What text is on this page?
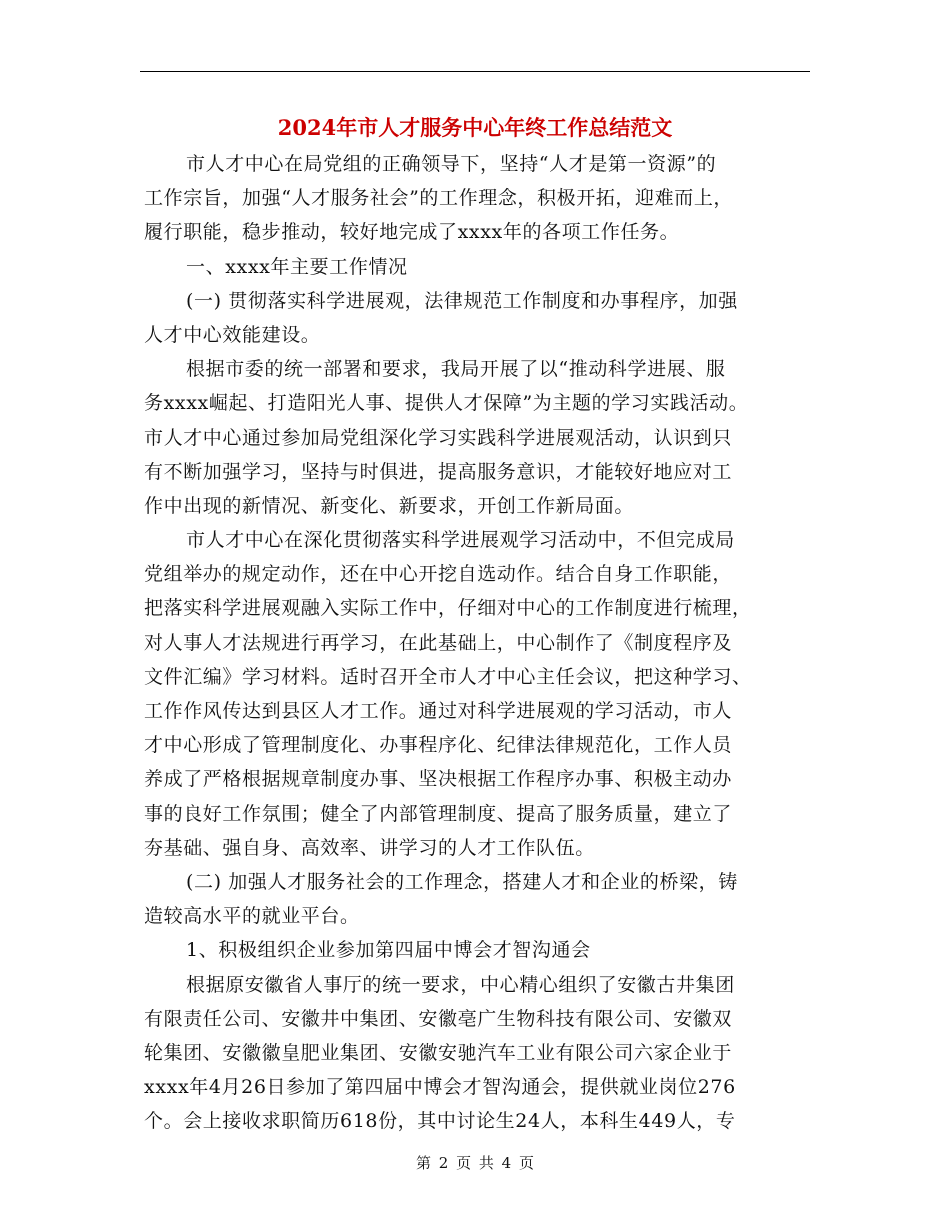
2024年市人才服务中心年终工作总结范文
市人才中心在局党组的正确领导下，坚持“人才是第一资源”的
工作宗旨，加强“人才服务社会”的工作理念，积极开拓，迎难而上，
履行职能，稳步推动，较好地完成了xxxx年的各项工作任务。
一、xxxx年主要工作情况
(一) 贯彻落实科学进展观，法律规范工作制度和办事程序，加强
人才中心效能建设。
根据市委的统一部署和要求，我局开展了以“推动科学进展、服
务xxxx崛起、打造阳光人事、提供人才保障”为主题的学习实践活动。
市人才中心通过参加局党组深化学习实践科学进展观活动，认识到只
有不断加强学习，坚持与时俱进，提高服务意识，才能较好地应对工
作中出现的新情况、新变化、新要求，开创工作新局面。
市人才中心在深化贯彻落实科学进展观学习活动中，不但完成局
党组举办的规定动作，还在中心开挖自选动作。结合自身工作职能，
把落实科学进展观融入实际工作中，仔细对中心的工作制度进行梳理，
对人事人才法规进行再学习，在此基础上，中心制作了《制度程序及
文件汇编》学习材料。适时召开全市人才中心主任会议，把这种学习、
工作作风传达到县区人才工作。通过对科学进展观的学习活动，市人
才中心形成了管理制度化、办事程序化、纪律法律规范化，工作人员
养成了严格根据规章制度办事、坚决根据工作程序办事、积极主动办
事的良好工作氛围；健全了内部管理制度、提高了服务质量，建立了
夯基础、强自身、高效率、讲学习的人才工作队伍。
(二) 加强人才服务社会的工作理念，搭建人才和企业的桥梁，铸
造较高水平的就业平台。
1、积极组织企业参加第四届中博会才智沟通会
根据原安徽省人事厅的统一要求，中心精心组织了安徽古井集团
有限责任公司、安徽井中集团、安徽亳广生物科技有限公司、安徽双
轮集团、安徽徽皇肥业集团、安徽安驰汽车工业有限公司六家企业于
xxxx年4月26日参加了第四届中博会才智沟通会，提供就业岗位276
个。会上接收求职简历618份，其中讨论生24人，本科生449人，专
第 2 页 共 4 页
